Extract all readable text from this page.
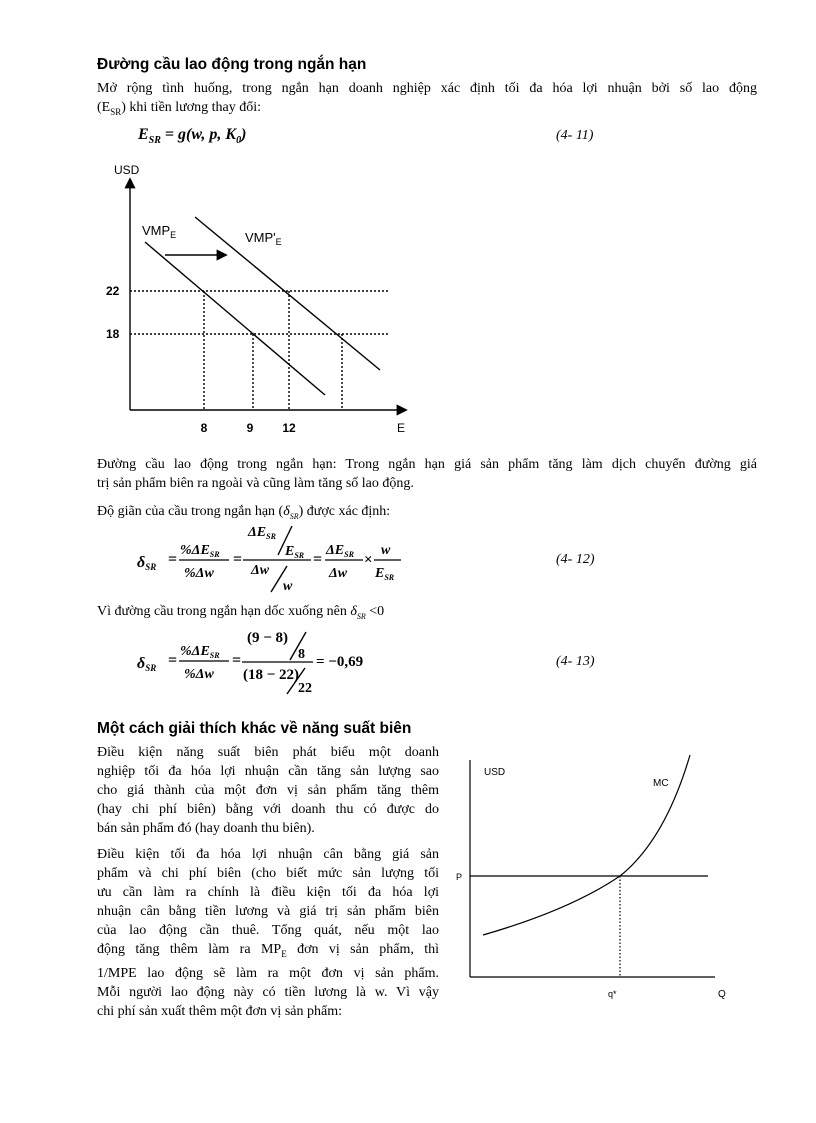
Đường cầu lao động trong ngắn hạn
Mở rộng tình huống, trong ngắn hạn doanh nghiệp xác định tối đa hóa lợi nhuận bởi số lao động
$(E_{SR})$ khi tiền lương thay đổi:
$E_{SR} = g(w$, p, $K_0$)	(4- 11)
USD
E
$VMP_E$	$VMP'_E$
22
18
8	9 12
Đường cầu lao động trong ngắn hạn: Trong ngắn hạn giá sản phẩm tăng làm dịch chuyển đường giá
trị sản phẩm biên ra ngoài và cũng làm tăng số lao động.
Độ giãn của cầu trong ngắn hạn $(\delta_{SR})$ được xác định:
δSR =
$\%\Delta E_{SR}$
%Δw
=
$\Delta E_{SR}$
$E_{SR}$
Δw
w
=
$\Delta E_{SR}$
Δw
×
w
$E_{SR}$
(4- 12)
Vì đường cầu trong ngắn hạn dốc xuống nên $\delta_{SR} <0$
δSR =
$\%\Delta E_{SR}$
%Δw
=
(9 − 8)
8
(18 − 22)
22
= −0,69	(4- 13)
Một cách giải thích khác về năng suất biên
Điều kiện năng suất biên phát biểu một doanh
nghiệp tối đa hóa lợi nhuận cần tăng sản lượng sao
cho giá thành của một đơn vị sản phẩm tăng thêm
(hay chi phí biên) bằng với doanh thu có được do
bán sản phẩm đó (hay doanh thu biên).
Điều kiện tối đa hóa lợi nhuận cân bằng giá sản
phẩm và chi phí biên (cho biết mức sản lượng tối
ưu cần làm ra chính là điều kiện tối đa hóa lợi
nhuận cân bằng tiền lương và giá trị sản phẩm biên
của lao động cần thuê. Tổng quát, nếu một lao
động tăng thêm làm ra $MP_E$ đơn vị sản phẩm, thì
1/MPE lao động sẽ làm ra một đơn vị sản phẩm.
Mỗi người lao động này có tiền lương là w. Vì vậy
chi phí sản xuất thêm một đơn vị sản phẩm:
USD
Q
P
MC
q*
